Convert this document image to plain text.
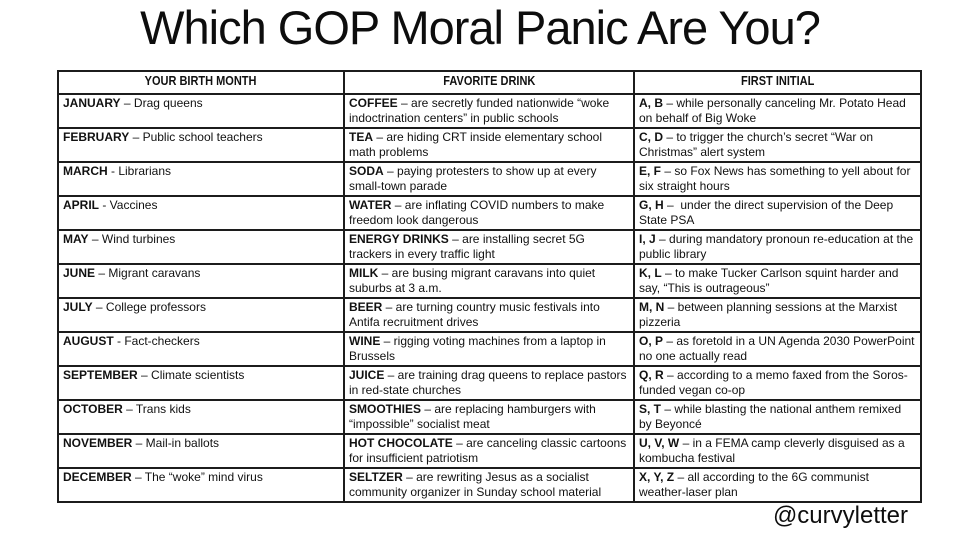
Which GOP Moral Panic Are You?
YOUR BIRTH MONTH	FAVORITE DRINK	FIRST INITIAL
JANUARY – Drag queens	COFFEE – are secretly funded nationwide “woke indoctrination centers” in public schools	A, B – while personally canceling Mr. Potato Head on behalf of Big Woke
FEBRUARY – Public school teachers	TEA – are hiding CRT inside elementary school math problems	C, D – to trigger the church’s secret “War on Christmas” alert system
MARCH - Librarians	SODA – paying protesters to show up at every small-town parade	E, F – so Fox News has something to yell about for six straight hours
APRIL - Vaccines	WATER – are inflating COVID numbers to make freedom look dangerous	G, H –  under the direct supervision of the Deep State PSA
MAY – Wind turbines	ENERGY DRINKS – are installing secret 5G trackers in every traffic light	I, J – during mandatory pronoun re-education at the public library
JUNE – Migrant caravans	MILK – are busing migrant caravans into quiet suburbs at 3 a.m.	K, L – to make Tucker Carlson squint harder and say, “This is outrageous”
JULY – College professors	BEER – are turning country music festivals into Antifa recruitment drives	M, N – between planning sessions at the Marxist pizzeria
AUGUST - Fact-checkers	WINE – rigging voting machines from a laptop in Brussels	O, P – as foretold in a UN Agenda 2030 PowerPoint no one actually read
SEPTEMBER – Climate scientists	JUICE – are training drag queens to replace pastors in red-state churches	Q, R – according to a memo faxed from the Soros-funded vegan co-op
OCTOBER – Trans kids	SMOOTHIES – are replacing hamburgers with “impossible” socialist meat	S, T – while blasting the national anthem remixed by Beyoncé
NOVEMBER – Mail-in ballots	HOT CHOCOLATE – are canceling classic cartoons for insufficient patriotism	U, V, W – in a FEMA camp cleverly disguised as a kombucha festival
DECEMBER – The “woke” mind virus	SELTZER – are rewriting Jesus as a socialist community organizer in Sunday school material	X, Y, Z – all according to the 6G communist weather-laser plan
@curvyletter
